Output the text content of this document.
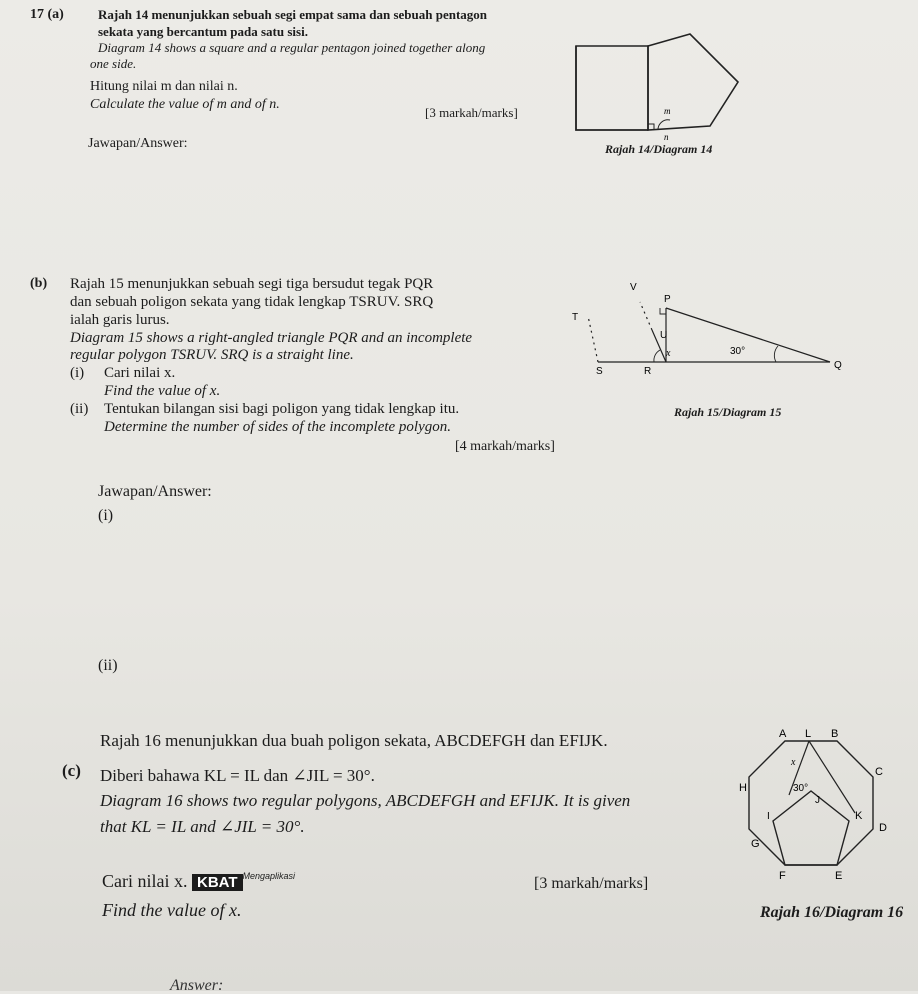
17 (a)	Rajah 14 menunjukkan sebuah segi empat sama dan sebuah pentagon
sekata yang bercantum pada satu sisi.
Diagram 14 shows a square and a regular pentagon joined together along
one side.
Hitung nilai m dan nilai n.
Calculate the value of m and of n.
[3 markah/marks]
Jawapan/Answer:
m
n
Rajah 14/Diagram 14
(b) Rajah 15 menunjukkan sebuah segi tiga bersudut tegak PQR
dan sebuah poligon sekata yang tidak lengkap TSRUV. SRQ
ialah garis lurus.
Diagram 15 shows a right-angled triangle PQR and an incomplete
regular polygon TSRUV. SRQ is a straight line.
(i) Cari nilai x.
Find the value of x.
(ii) Tentukan bilangan sisi bagi poligon yang tidak lengkap itu.
Determine the number of sides of the incomplete polygon.
[4 markah/marks]
V
P
T
U
x	30°
S	R
Q
Rajah 15/Diagram 15
Jawapan/Answer:
(i)
(ii)
(c)
Rajah 16 menunjukkan dua buah poligon sekata, ABCDEFGH dan EFIJK.
Diberi bahawa KL = IL dan ∠JIL = 30°.
Diagram 16 shows two regular polygons, ABCDEFGH and EFIJK. It is given
that KL = IL and ∠JIL = 30°.
Cari nilai x. KBAT $^{Mengaplikasi}$
Find the value of x.
[3 markah/marks]
A L B
x
H	30°
J
C
I	K
D
G
F	E
Rajah 16/Diagram 16
Answer:
